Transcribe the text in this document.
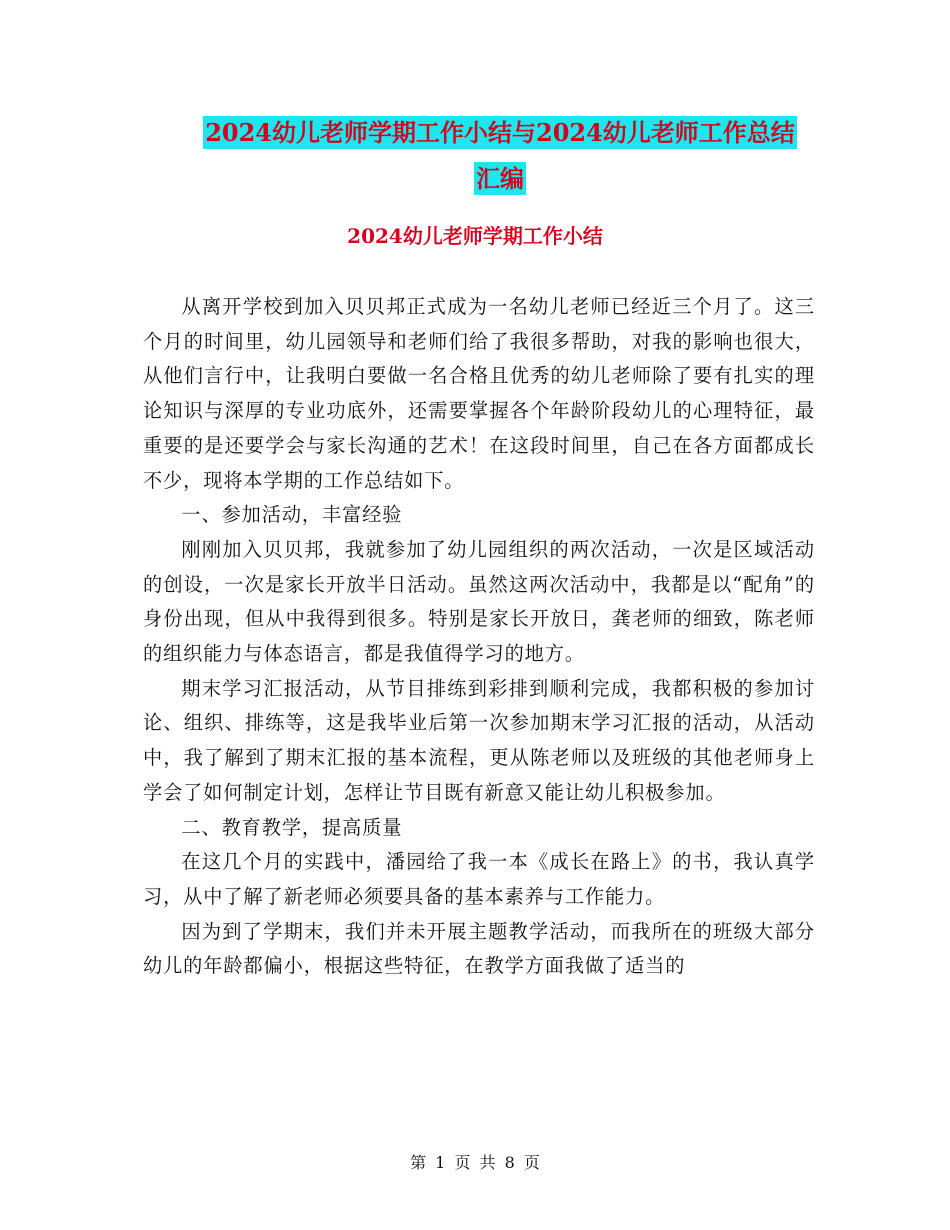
2024幼儿老师学期工作小结与2024幼儿老师工作总结
汇编
2024幼儿老师学期工作小结

从离开学校到加入贝贝邦正式成为一名幼儿老师已经近三个月了。这三个月的时间里，幼儿园领导和老师们给了我很多帮助，对我的影响也很大，从他们言行中，让我明白要做一名合格且优秀的幼儿老师除了要有扎实的理论知识与深厚的专业功底外，还需要掌握各个年龄阶段幼儿的心理特征，最重要的是还要学会与家长沟通的艺术！在这段时间里，自己在各方面都成长不少，现将本学期的工作总结如下。

一、参加活动，丰富经验

刚刚加入贝贝邦，我就参加了幼儿园组织的两次活动，一次是区域活动的创设，一次是家长开放半日活动。虽然这两次活动中，我都是以“配角”的身份出现，但从中我得到很多。特别是家长开放日，龚老师的细致，陈老师的组织能力与体态语言，都是我值得学习的地方。

期末学习汇报活动，从节目排练到彩排到顺利完成，我都积极的参加讨论、组织、排练等，这是我毕业后第一次参加期末学习汇报的活动，从活动中，我了解到了期末汇报的基本流程，更从陈老师以及班级的其他老师身上学会了如何制定计划，怎样让节目既有新意又能让幼儿积极参加。

二、教育教学，提高质量

在这几个月的实践中，潘园给了我一本《成长在路上》的书，我认真学习，从中了解了新老师必须要具备的基本素养与工作能力。

因为到了学期末，我们并未开展主题教学活动，而我所在的班级大部分幼儿的年龄都偏小，根据这些特征，在教学方面我做了适当的

第 1 页 共 8 页
